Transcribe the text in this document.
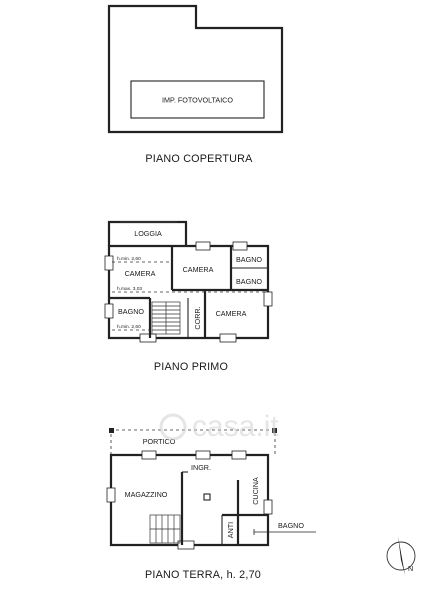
IMP. FOTOVOLTAICO
PIANO COPERTURA
LOGGIA
CAMERA	CAMERA
BAGNO
BAGNO
BAGNO	CAMERA
CORR.
h.min. 2,60
h.max. 3,03
h.min. 2,60
PIANO PRIMO
PORTICO
INGR.
MAGAZZINO	CUCINA
ANTI	BAGNO
PIANO TERRA, h. 2,70
casa.it
N
